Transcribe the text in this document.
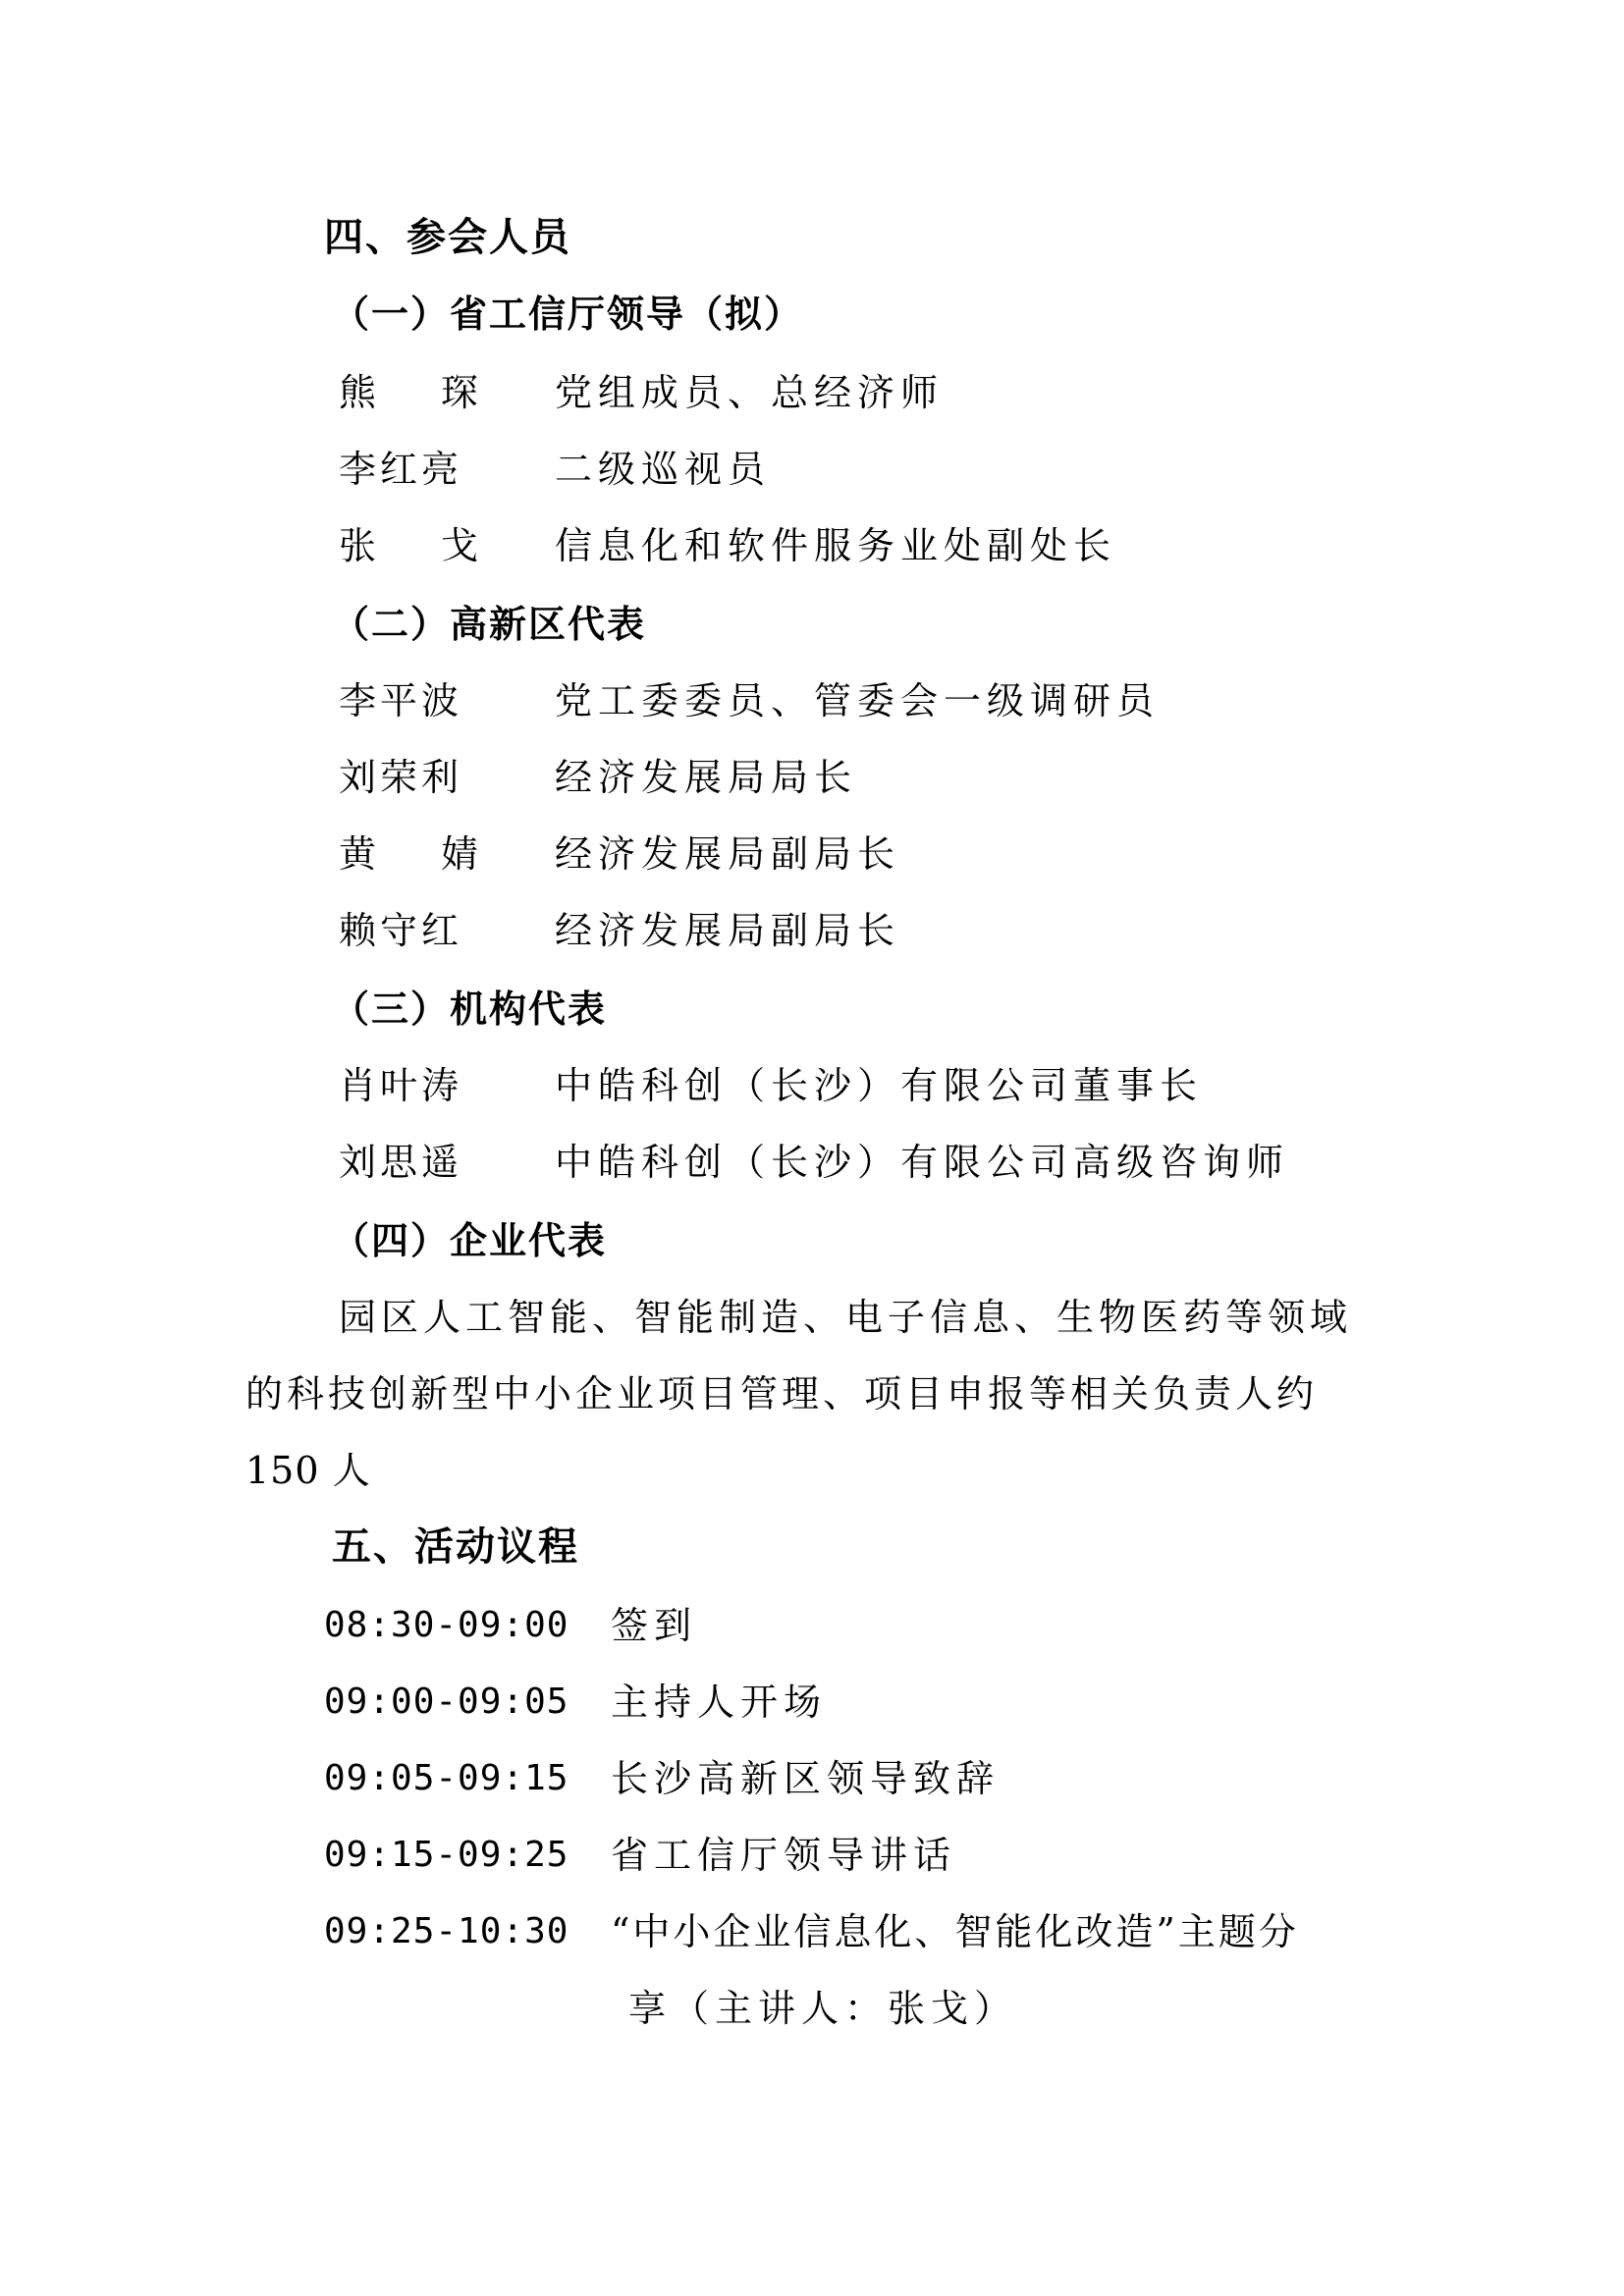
四、参会人员
（一）省工信厅领导（拟）
熊 琛 党组成员、总经济师
李红亮 二级巡视员
张 戈 信息化和软件服务业处副处长
（二）高新区代表
李平波 党工委委员、管委会一级调研员
刘荣利 经济发展局局长
黄 婧 经济发展局副局长
赖守红 经济发展局副局长
（三）机构代表
肖叶涛 中皓科创（长沙）有限公司董事长
刘思遥 中皓科创（长沙）有限公司高级咨询师
（四）企业代表
园区人工智能、智能制造、电子信息、生物医药等领域
的科技创新型中小企业项目管理、项目申报等相关负责人约
150 人
五、活动议程
08:30-09:00 签到
09:00-09:05 主持人开场
09:05-09:15 长沙高新区领导致辞
09:15-09:25 省工信厅领导讲话
09:25-10:30 “中小企业信息化、智能化改造”主题分
享（主讲人：张戈）
